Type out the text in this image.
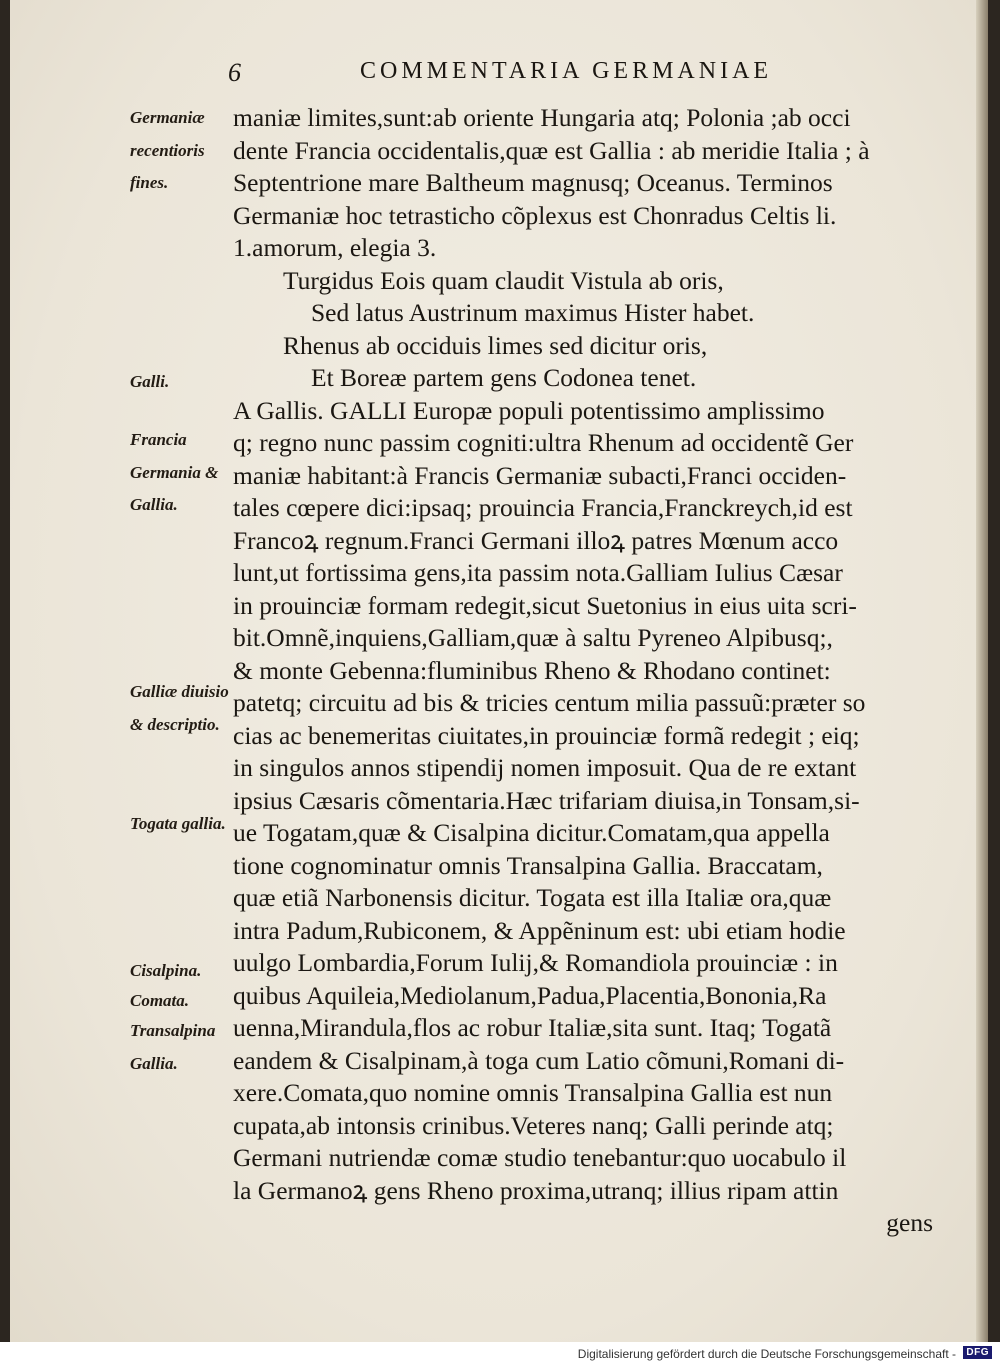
6	COMMENTARIA GERMANIAE
maniæ limites,sunt:ab oriente Hungaria atq; Polonia ;ab occi
dente Francia occidentalis,quæ est Gallia : ab meridie Italia ; à
Septentrione mare Baltheum magnusq; Oceanus. Terminos
Germaniæ hoc tetrasticho cõplexus est Chonradus Celtis li.
1.amorum, elegia 3.
Turgidus Eois quam claudit Vistula ab oris,
Sed latus Austrinum maximus Hister habet.
Rhenus ab occiduis limes sed dicitur oris,
Et Boreæ partem gens Codonea tenet.
A Gallis. GALLI Europæ populi potentissimo amplissimo
q; regno nunc passim cogniti:ultra Rhenum ad occidentẽ Ger
maniæ habitant:à Francis Germaniæ subacti,Franci occiden-
tales cœpere dici:ipsaq; prouincia Francia,Franckreych,id est
Francoꝝ regnum.Franci Germani illoꝝ patres Mœnum acco
lunt,ut fortissima gens,ita passim nota.Galliam Iulius Cæsar
in prouinciæ formam redegit,sicut Suetonius in eius uita scri-
bit.Omnẽ,inquiens,Galliam,quæ à saltu Pyreneo Alpibusq;,
& monte Gebenna:fluminibus Rheno & Rhodano continet:
patetq; circuitu ad bis & tricies centum milia passuũ:præter so
cias ac benemeritas ciuitates,in prouinciæ formã redegit ; eiq;
in singulos annos stipendij nomen imposuit. Qua de re extant
ipsius Cæsaris cõmentaria.Hæc trifariam diuisa,in Tonsam,si-
ue Togatam,quæ & Cisalpina dicitur.Comatam,qua appella
tione cognominatur omnis Transalpina Gallia. Braccatam,
quæ etiã Narbonensis dicitur. Togata est illa Italiæ ora,quæ
intra Padum,Rubiconem, & Appẽninum est: ubi etiam hodie
uulgo Lombardia,Forum Iulij,& Romandiola prouinciæ : in
quibus Aquileia,Mediolanum,Padua,Placentia,Bononia,Ra
uenna,Mirandula,flos ac robur Italiæ,sita sunt. Itaq; Togatã
eandem & Cisalpinam,à toga cum Latio cõmuni,Romani di-
xere.Comata,quo nomine omnis Transalpina Gallia est nun
cupata,ab intonsis crinibus.Veteres nanq; Galli perinde atq;
Germani nutriendæ comæ studio tenebantur:quo uocabulo il
la Germanoꝝ gens Rheno proxima,utranq; illius ripam attin
gens
Germaniæ recentioris fines.
Galli.
Francia Germania & Gallia.
Galliæ diuisio & descriptio.
Togata gallia.
Cisalpina.
Comata.
Transalpina Gallia.
Digitalisierung gefördert durch die Deutsche Forschungsgemeinschaft -	DFG
